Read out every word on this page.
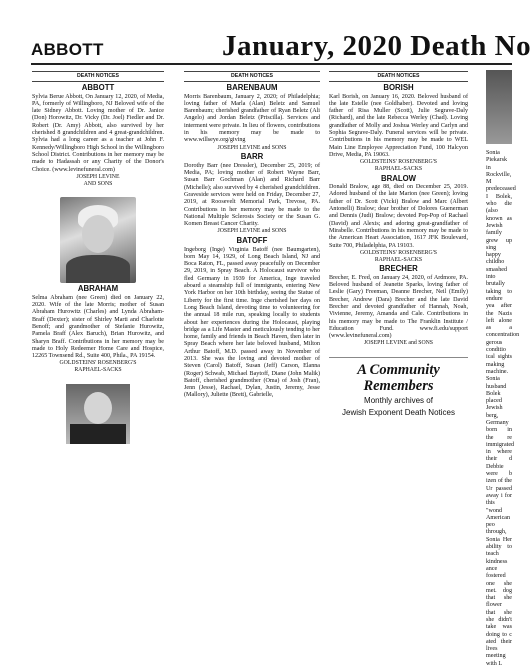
ABBOTT	January, 2020 Death No
DEATH NOTICES
ABBOTT

Sylvia Berue Abbott, On January 12, 2020, of Media, PA, formerly of Willingboro, NJ Beloved wife of the late Sidney Abbott. Loving mother of Dr. Janice (Don) Horowitz, Dr. Vicky (Dr. Joel) Fiedler and Dr. Robert (Dr. Amy) Abbott, also survived by her cherished 8 grandchildren and 4 great-grandchildren. Sylvia had a long career as a teacher at John F. Kennedy/Willingboro High School in the Willingboro School District. Contributions in her memory may be made to Hadassah or any Charity of the Donor's Choice. (www.levinefuneral.com)

JOSEPH LEVINE
AND SONS
ABRAHAM

Selma Abraham (nee Green) died on January 22, 2020. Wife of the late Morris; mother of Susan Abraham Hurowitz (Charles) and Lynda Abraham-Braff (Dexter); sister of Shirley Marti and Charlotte Benoff; and grandmother of Stefanie Hurowitz, Pamela Braff (Alex Baruch), Brian Hurowitz, and Sharyn Braff. Contributions in her memory may be made to Holy Redeemer Home Care and Hospice, 12265 Townsend Rd., Suite 400, Phila., PA 19154.

GOLDSTEINS' ROSENBERG'S
RAPHAEL-SACKS
DEATH NOTICES
BARENBAUM

Morris Barenbaum, January 2, 2020; of Philadelphia; loving father of Marla (Alan) Beletz and Samuel Barenbaum; cherished grandfather of Ryan Beletz (Ali Angelo) and Jordan Beletz (Priscilla). Services and interment were private. In lieu of flowers, contributions in his memory may be made to www.willseye.org/giving

JOSEPH LEVINE and SONS
BARR

Dorothy Barr (nee Dressler), December 25, 2019; of Media, PA; loving mother of Robert Wayne Barr, Susan Barr Gochman (Alan) and Richard Barr (Michelle); also survived by 4 cherished grandchildren. Graveside services were held on Friday, December 27, 2019, at Roosevelt Memorial Park, Trevose, PA. Contributions in her memory may be made to the National Multiple Sclerosis Society or the Susan G. Komen Breast Cancer Charity.

JOSEPH LEVINE and SONS
BATOFF

Ingeborg (Inge) Virginia Batoff (nee Baumgarten), born May 14, 1929, of Long Beach Island, NJ and Boca Raton, FL, passed away peacefully on December 29, 2019, in Spray Beach. A Holocaust survivor who fled Germany in 1939 for America, Inge traveled aboard a steamship full of immigrants, entering New York Harbor on her 10th birthday, seeing the Statue of Liberty for the first time. Inge cherished her days on Long Beach Island, devoting time to volunteering for the annual 18 mile run, speaking locally to students about her experiences during the Holocaust, playing bridge as a Life Master and meticulously tending to her home, family and friends in Beach Haven, then later in Spray Beach where her late beloved husband, Milton Arthur Batoff, M.D. passed away in November of 2013. She was the loving and devoted mother of Steven (Carol) Batoff, Susan (Jeff) Carson, Elanna (Roger) Schwab, Michael Baytoff, Diane (John Malik) Batoff, cherished grandmother (Oma) of Josh (Fran), Jenn (Jesse), Rachael, Dylan, Justin, Jeremy, Jesse (Mallory), Juliette (Brett), Gabrielle,

DEATH NOTICES
BORISH

Karl Borish, on January 16, 2020. Beloved husband of the late Estelle (nee Goldhaber). Devoted and loving father of Risa Muller (Scott), Julie Segrave-Daly (Richard), and the late Rebecca Werley (Chad). Loving grandfather of Molly and Joshua Werley and Carlyn and Sophia Segrave-Daly. Funeral services will be private. Contributions in his memory may be made to WEL Main Line Employee Appreciation Fund, 100 Halcyon Drive, Media, PA 19063.

GOLDSTEINS' ROSENBERG'S
RAPHAEL-SACKS
BRALOW

Donald Bralow, age 88, died on December 25, 2019. Adored husband of the late Marion (nee Green); loving father of Dr. Scott (Vicki) Bralow and Marc (Albert Antonelli) Bralow; dear brother of Dolores Guenerman and Dennis (Judi) Bralow; devoted Pop-Pop of Rachael (David) and Alexis; and adoring great-grandfather of Mirabelle. Contributions in his memory may be made to the American Heart Association, 1617 JFK Boulevard, Suite 700, Philadelphia, PA 19103.

GOLDSTEINS' ROSENBERG'S
RAPHAEL-SACKS
BRECHER

Brecher, E. Fred, on January 24, 2020, of Ardmore, PA. Beloved husband of Jeanette Sparks, loving father of Leslie (Gary) Freeman, Deanne Brecher, Neil (Emily) Brecher, Andrew (Dara) Brecher and the late David Brecher and devoted grandfather of Hannah, Noah, Vivienne, Jeremy, Amanda and Cale. Contributions in his memory may be made to The Franklin Institute / Education Fund. www.fi.edu/support (www.levinefuneral.com)

JOSEPH LEVINE and SONS
A Community
Remembers
Monthly archives of
Jewish Exponent Death Notices

Sonia Piekarsk in Rockville, M predeceased I Bolek, who die (also known as Jewish family grew up sing happy childho smashed into brutally taking to endure yea after the Nazis left alone as a concentration gerous conditio ical sights making machine. Sonia husband Bolek placed Jewish berg, Germany born in the re immigrated in where their d Debbie were b izen of the Ur passed away i for this "wond American peo through, Sonia Her ability to teach kindness ance fostered one she met. dog that she flower that she she didn't take was doing to c ated their lives meeting with L
